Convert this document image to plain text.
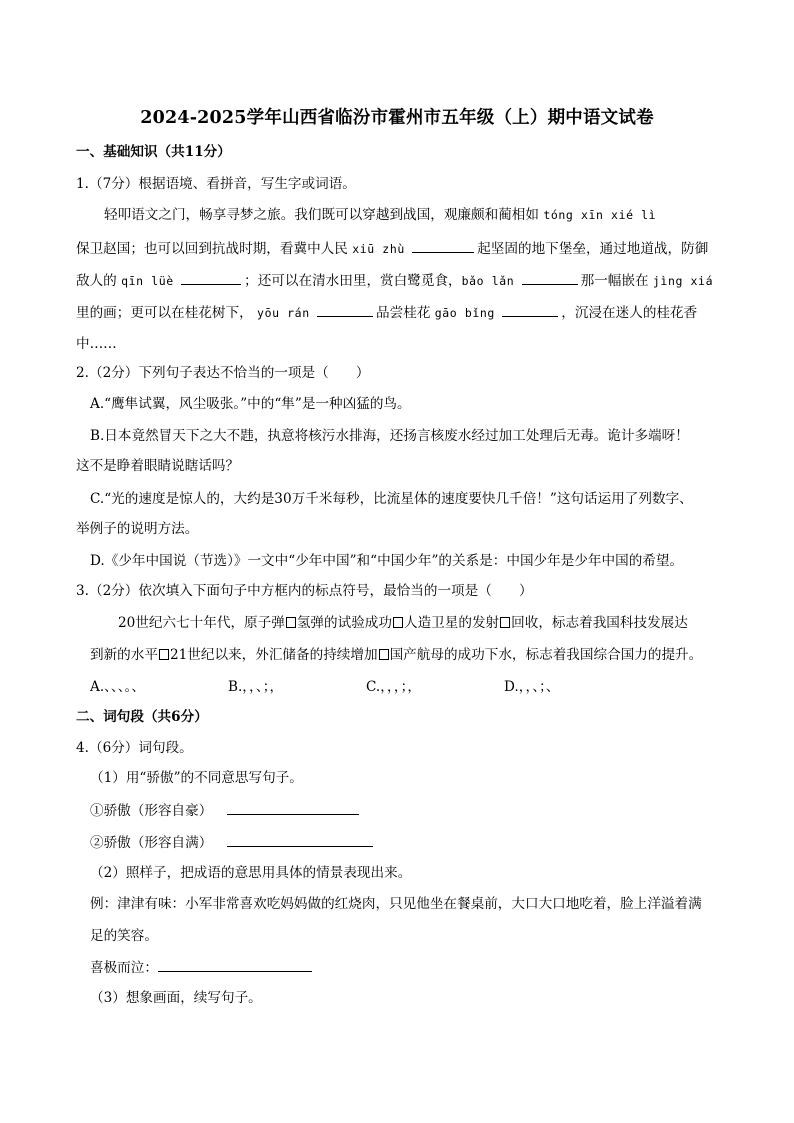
2024-2025学年山西省临汾市霍州市五年级（上）期中语文试卷
一、基础知识（共11分）
1.（7分）根据语境、看拼音，写生字或词语。
轻叩语文之门，畅享寻梦之旅。我们既可以穿越到战国，观廉颇和蔺相如 tóng xīn xié lì
保卫赵国；也可以回到抗战时期，看冀中人民 xiū zhù	起坚固的地下堡垒，通过地道战，防御
敌人的 qīn lüè	；还可以在清水田里，赏白鹭觅食，bǎo lǎn	那一幅嵌在 jìng xiá
里的画；更可以在桂花树下， yōu rán	品尝桂花 gāo bǐng	，沉浸在迷人的桂花香
中……
2.（2分）下列句子表达不恰当的一项是（　　）
A.“鹰隼试翼，风尘吸张。”中的“隼”是一种凶猛的鸟。
B.日本竟然冒天下之大不韪，执意将核污水排海，还扬言核废水经过加工处理后无毒。诡计多端呀！
这不是睁着眼睛说瞎话吗？
C.“光的速度是惊人的，大约是30万千米每秒，比流星体的速度要快几千倍！”这句话运用了列数字、
举例子的说明方法。
D.《少年中国说（节选）》一文中“少年中国”和“中国少年”的关系是：中国少年是少年中国的希望。
3.（2分）依次填入下面句子中方框内的标点符号，最恰当的一项是（　　）
20世纪六七十年代，原子弹 氢弹的试验成功 人造卫星的发射 回收，标志着我国科技发展达
到新的水平 21世纪以来，外汇储备的持续增加 国产航母的成功下水，标志着我国综合国力的提升。
A.、、、。、	B.，，、；，	C.，，，；，	D.，，、；、
二、词句段（共6分）
4.（6分）词句段。
（1）用“骄傲”的不同意思写句子。
①骄傲（形容自豪）
②骄傲（形容自满）
（2）照样子，把成语的意思用具体的情景表现出来。
例：津津有味：小军非常喜欢吃妈妈做的红烧肉，只见他坐在餐桌前，大口大口地吃着，脸上洋溢着满
足的笑容。
喜极而泣：
（3）想象画面，续写句子。
